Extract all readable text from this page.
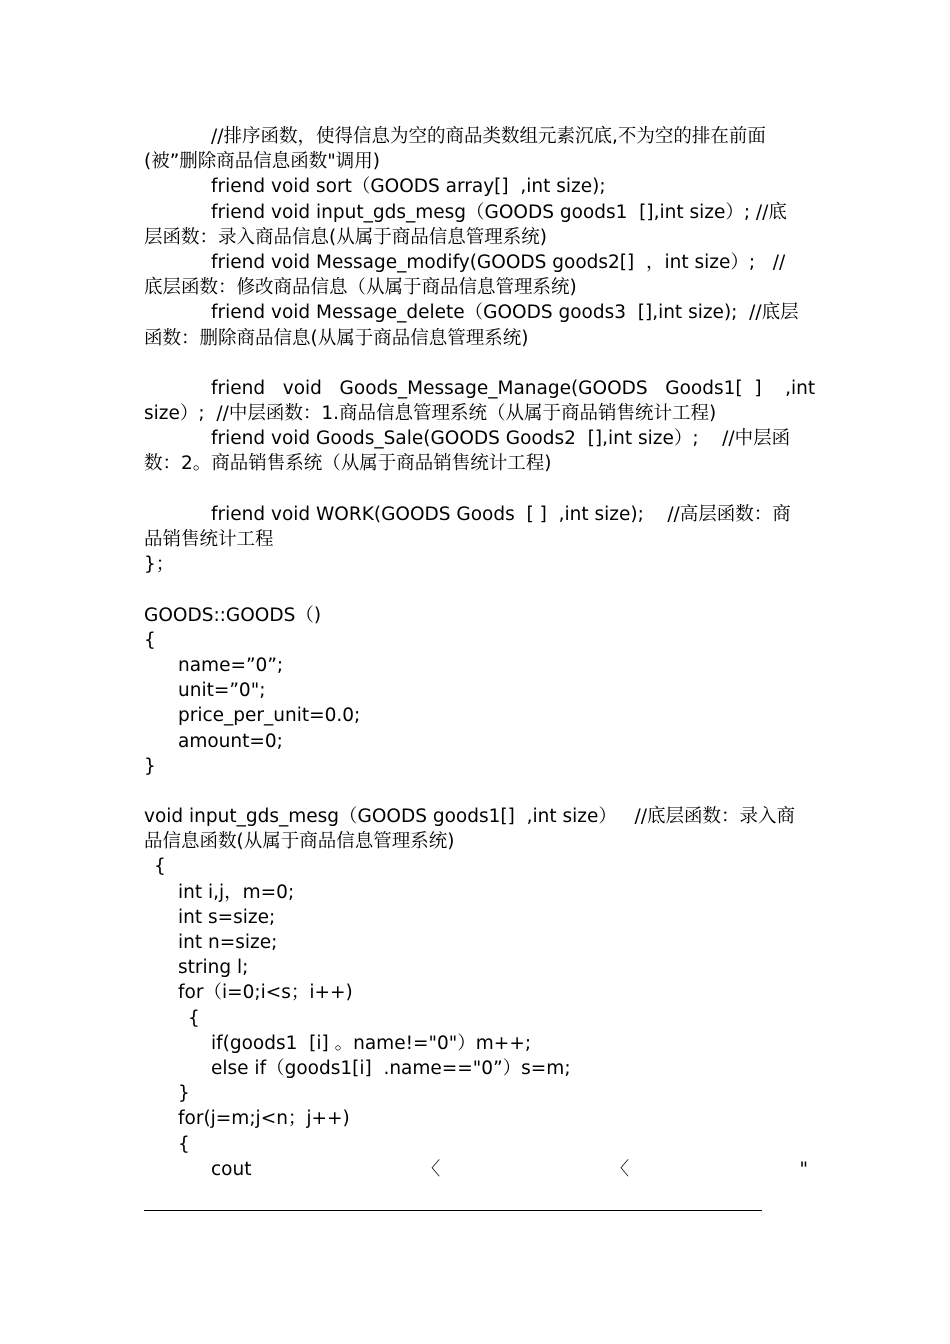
//排序函数，使得信息为空的商品类数组元素沉底,不为空的排在前面
(被”删除商品信息函数"调用)
friend void sort（GOODS array[]  ,int size);
friend void input_gds_mesg（GOODS goods1  [],int size）; //底
层函数：录入商品信息(从属于商品信息管理系统)
friend void Message_modify(GOODS goods2[]  ，int size）;   //
底层函数：修改商品信息（从属于商品信息管理系统)
friend void Message_delete（GOODS goods3  [],int size);  //底层
函数：删除商品信息(从属于商品信息管理系统)
friend   void   Goods_Message_Manage(GOODS   Goods1[  ]    ,int
size）;  //中层函数：1.商品信息管理系统（从属于商品销售统计工程)
friend void Goods_Sale(GOODS Goods2  [],int size）;    //中层函
数：2。商品销售系统（从属于商品销售统计工程)
friend void WORK(GOODS Goods  [ ]  ,int size);    //高层函数：商
品销售统计工程
}；
GOODS::GOODS（)
{
name=”0”;
unit=”0";
price_per_unit=0.0;
amount=0;
}
void input_gds_mesg（GOODS goods1[]  ,int size）   //底层函数：录入商
品信息函数(从属于商品信息管理系统)
{
int i,j，m=0;
int s=size;
int n=size;
string l;
for（i=0;i<s；i++)
{
if(goods1  [i] 。name!="0"）m++;
else if（goods1[i]  .name=="0”）s=m;
}
for(j=m;j<n；j++)
{
cout	〈	〈	"
